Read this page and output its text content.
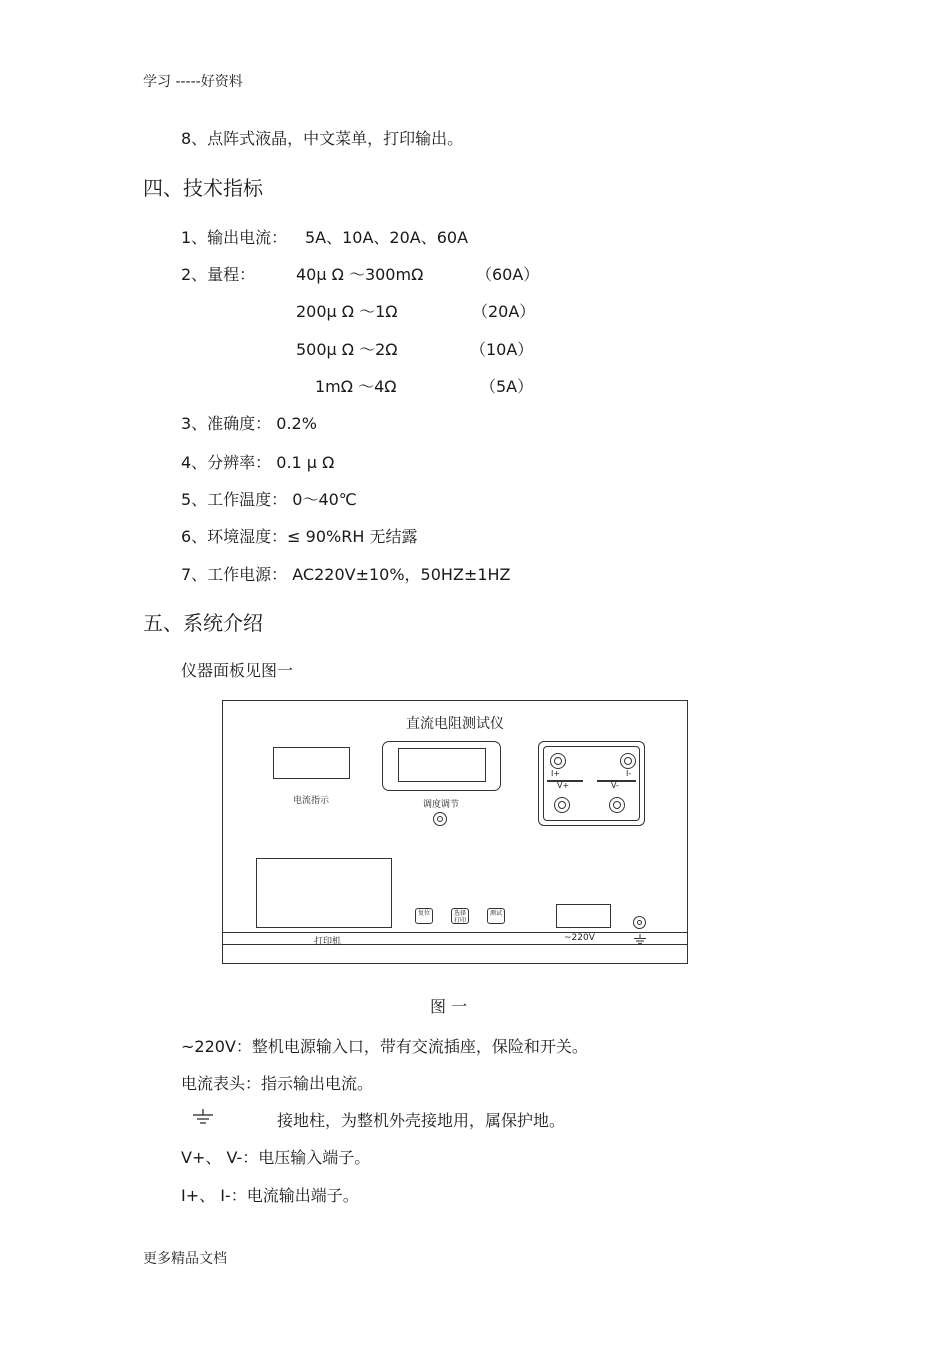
学习 -----好资料
8、点阵式液晶，中文菜单，打印输出。
四、技术指标
1、输出电流： 5A、10A、20A、60A
2、量程：	40μ Ω ～300mΩ	（60A）
200μ Ω ～1Ω	（20A）
500μ Ω ～2Ω	（10A）
1mΩ ～4Ω	（5A）
3、准确度： 0.2%
4、分辨率： 0.1 μ Ω
5、工作温度： 0～40℃
6、环境湿度：≤ 90%RH 无结露
7、工作电源： AC220V±10%，50HZ±1HZ
五、系统介绍
仪器面板见图一
直流电阻测试仪
电流指示	调度调节
I+	I-
V+	V-
复位	选择打印
测试
打印机	~220V
图 一
~220V：整机电源输入口，带有交流插座，保险和开关。
电流表头：指示输出电流。
接地柱，为整机外壳接地用，属保护地。
V+、 V-：电压输入端子。
I+、 I-：电流输出端子。
更多精品文档
